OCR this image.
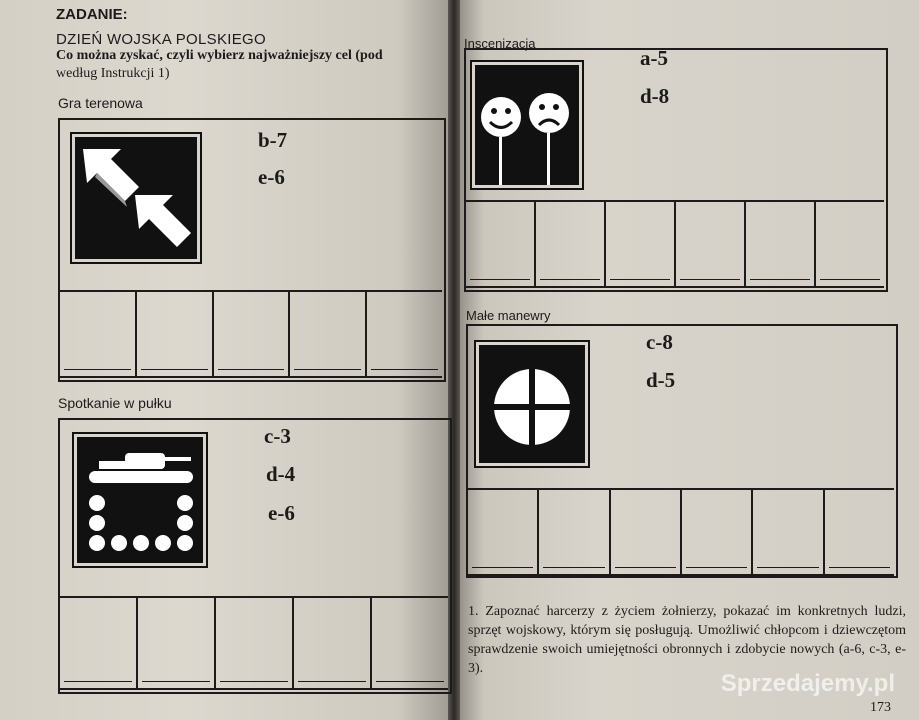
ZADANIE:
DZIEŃ WOJSKA POLSKIEGO
Co można zyskać, czyli wybierz najważniejszy cel (pod
według Instrukcji 1)
Gra terenowa
b-7
e-6
Spotkanie w pułku
c-3
d-4
e-6
Inscenizacja
a-5
d-8
Małe manewry
c-8
d-5
1. Zapoznać harcerzy z życiem żołnierzy, pokazać im konkretnych ludzi, sprzęt wojskowy, którym się posługują. Umożliwić chłopcom i dziewczętom sprawdzenie swoich umiejętności obronnych i zdobycie nowych (a-6, c-3, e-3).
Sprzedajemy.pl
173
